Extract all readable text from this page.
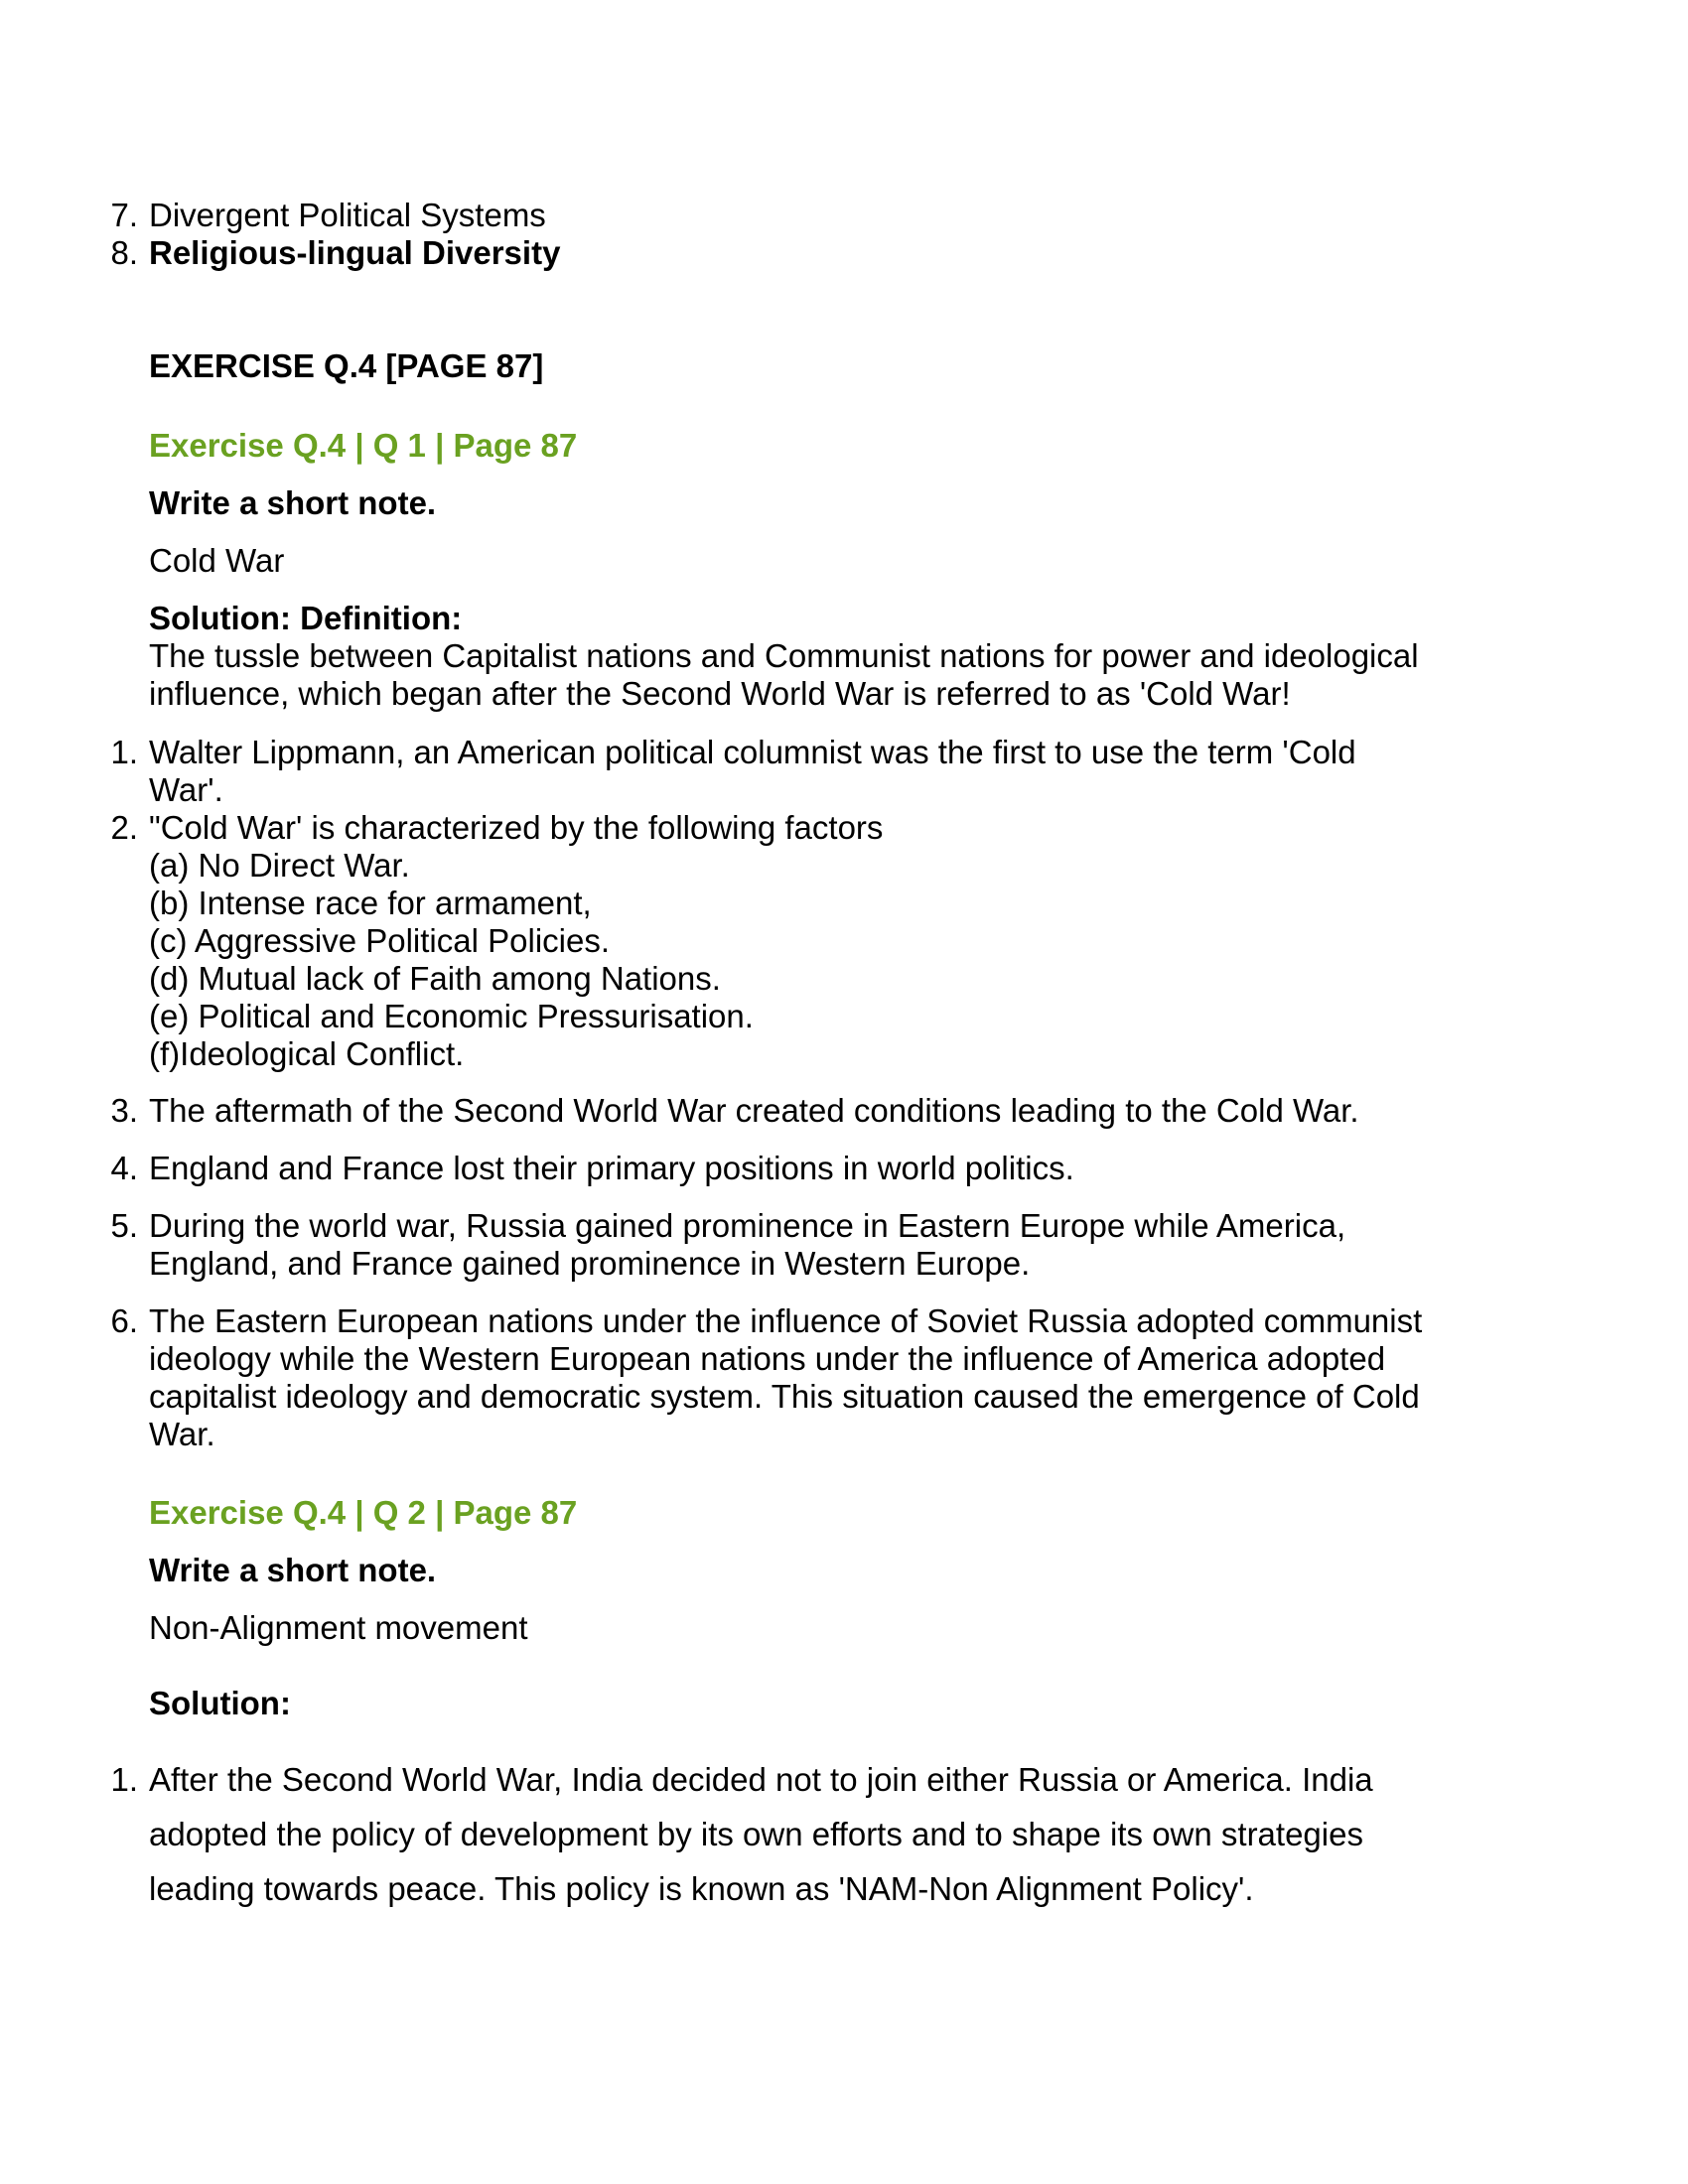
7. Divergent Political Systems
8. Religious-lingual Diversity
EXERCISE Q.4 [PAGE 87]
Exercise Q.4 | Q 1 | Page 87
Write a short note.
Cold War
Solution: Definition:
The tussle between Capitalist nations and Communist nations for power and ideological
influence, which began after the Second World War is referred to as 'Cold War!
1. Walter Lippmann, an American political columnist was the first to use the term 'Cold
War'.
2. "Cold War' is characterized by the following factors
(a) No Direct War.
(b) Intense race for armament,
(c) Aggressive Political Policies.
(d) Mutual lack of Faith among Nations.
(e) Political and Economic Pressurisation.
(f)Ideological Conflict.
3. The aftermath of the Second World War created conditions leading to the Cold War.
4. England and France lost their primary positions in world politics.
5. During the world war, Russia gained prominence in Eastern Europe while America,
England, and France gained prominence in Western Europe.
6. The Eastern European nations under the influence of Soviet Russia adopted communist
ideology while the Western European nations under the influence of America adopted
capitalist ideology and democratic system. This situation caused the emergence of Cold
War.
Exercise Q.4 | Q 2 | Page 87
Write a short note.
Non-Alignment movement
Solution:
1. After the Second World War, India decided not to join either Russia or America. India
adopted the policy of development by its own efforts and to shape its own strategies
leading towards peace. This policy is known as 'NAM-Non Alignment Policy'.
